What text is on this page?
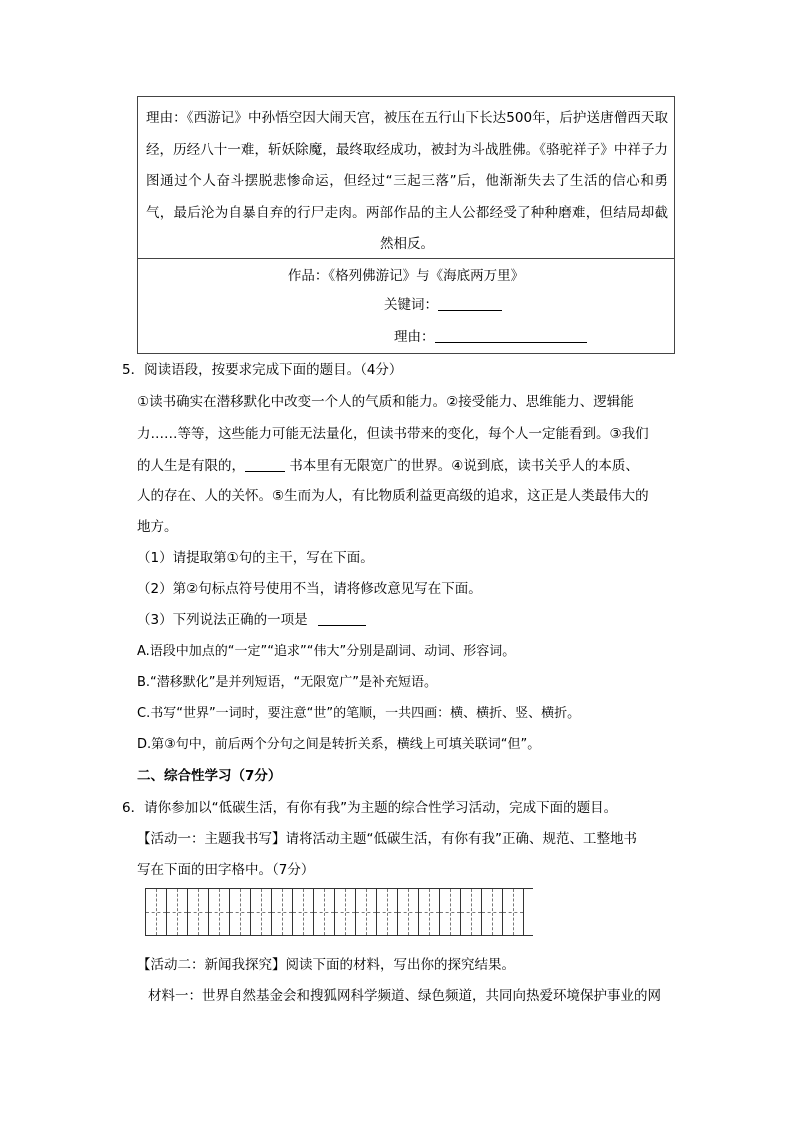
理由：《西游记》中孙悟空因大闹天宫，被压在五行山下长达500年，后护送唐僧西天取经，历经八十一难，斩妖除魔，最终取经成功，被封为斗战胜佛。《骆驼祥子》中祥子力图通过个人奋斗摆脱悲惨命运，但经过“三起三落”后，他渐渐失去了生活的信心和勇气，最后沦为自暴自弃的行尸走肉。两部作品的主人公都经受了种种磨难，但结局却截然相反。
作品：《格列佛游记》与《海底两万里》
关键词：
理由：
5．阅读语段，按要求完成下面的题目。（4分）
①读书确实在潜移默化中改变一个人的气质和能力。②接受能力、思维能力、逻辑能
力……等等，这些能力可能无法量化，但读书带来的变化，每个人一定能看到。③我们
的人生是有限的，	书本里有无限宽广的世界。④说到底，读书关乎人的本质、
人的存在、人的关怀。⑤生而为人，有比物质利益更高级的追求，这正是人类最伟大的
地方。
（1）请提取第①句的主干，写在下面。
（2）第②句标点符号使用不当，请将修改意见写在下面。
（3）下列说法正确的一项是
A.语段中加点的“一定”“追求”“伟大”分别是副词、动词、形容词。
B.“潜移默化”是并列短语，“无限宽广”是补充短语。
C.书写“世界”一词时，要注意“世”的笔顺，一共四画：横、横折、竖、横折。
D.第③句中，前后两个分句之间是转折关系，横线上可填关联词“但”。
二、综合性学习（7分）
6．请你参加以“低碳生活，有你有我”为主题的综合性学习活动，完成下面的题目。
【活动一：主题我书写】请将活动主题“低碳生活，有你有我”正确、规范、工整地书
写在下面的田字格中。（7分）
【活动二：新闻我探究】阅读下面的材料，写出你的探究结果。
材料一：世界自然基金会和搜狐网科学频道、绿色频道，共同向热爱环境保护事业的网
